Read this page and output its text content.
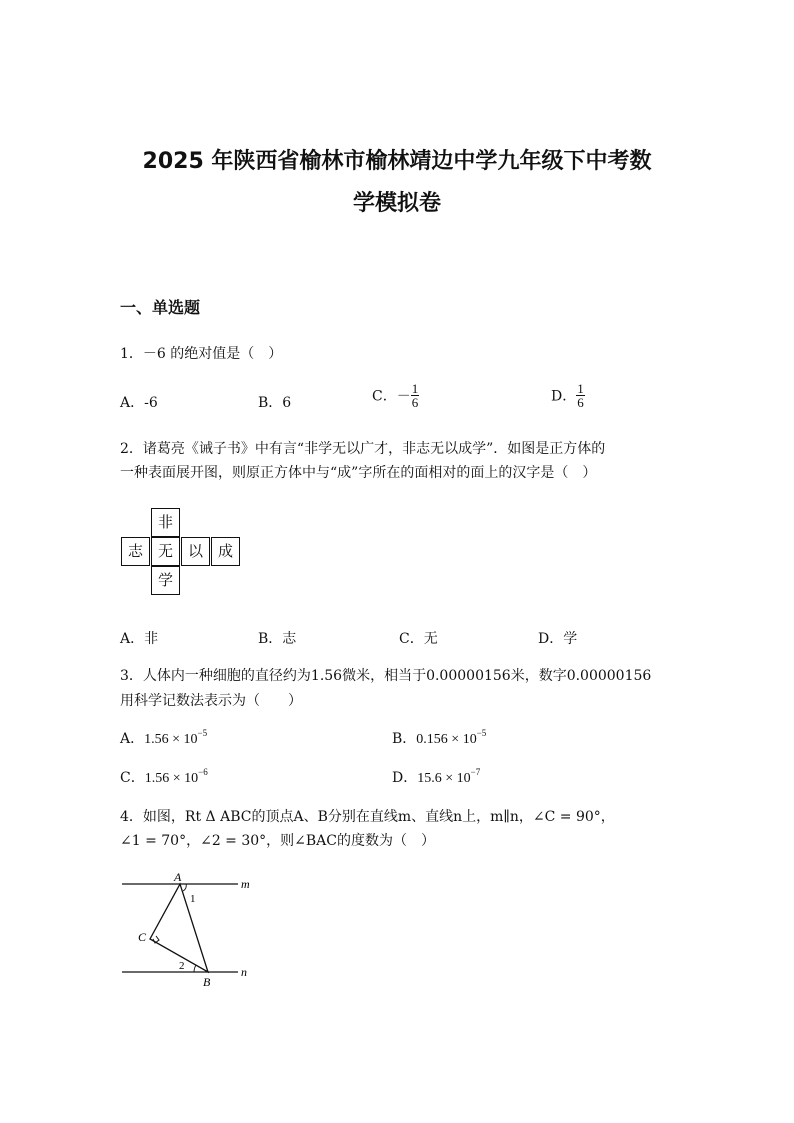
2025 年陕西省榆林市榆林靖边中学九年级下中考数
学模拟卷
一、单选题
1．－6 的绝对值是（　）
A．-6	B．6	C．－ $\frac{1}{6}$	D． $\frac{1}{6}$
2．诸葛亮《诫子书》中有言“非学无以广才，非志无以成学”．如图是正方体的
一种表面展开图，则原正方体中与“成”字所在的面相对的面上的汉字是（　）
非
志 无 以 成
学
A．非	B．志	C．无	D．学
3．人体内一种细胞的直径约为1.56微米，相当于0.00000156米，数字0.00000156
用科学记数法表示为（　　）
A．$1.56 \times 10^{-5}$	B．$0.156 \times 10^{-5}$
C．$1.56 \times 10^{-6}$	D．$15.6 \times 10^{-7}$
4．如图，Rt Δ ABC的顶点A、B分别在直线m、直线n上，m∥n，∠C = 90°，
∠1 = 70°，∠2 = 30°，则∠BAC的度数为（　）
A
C
B
m
n
1
2
